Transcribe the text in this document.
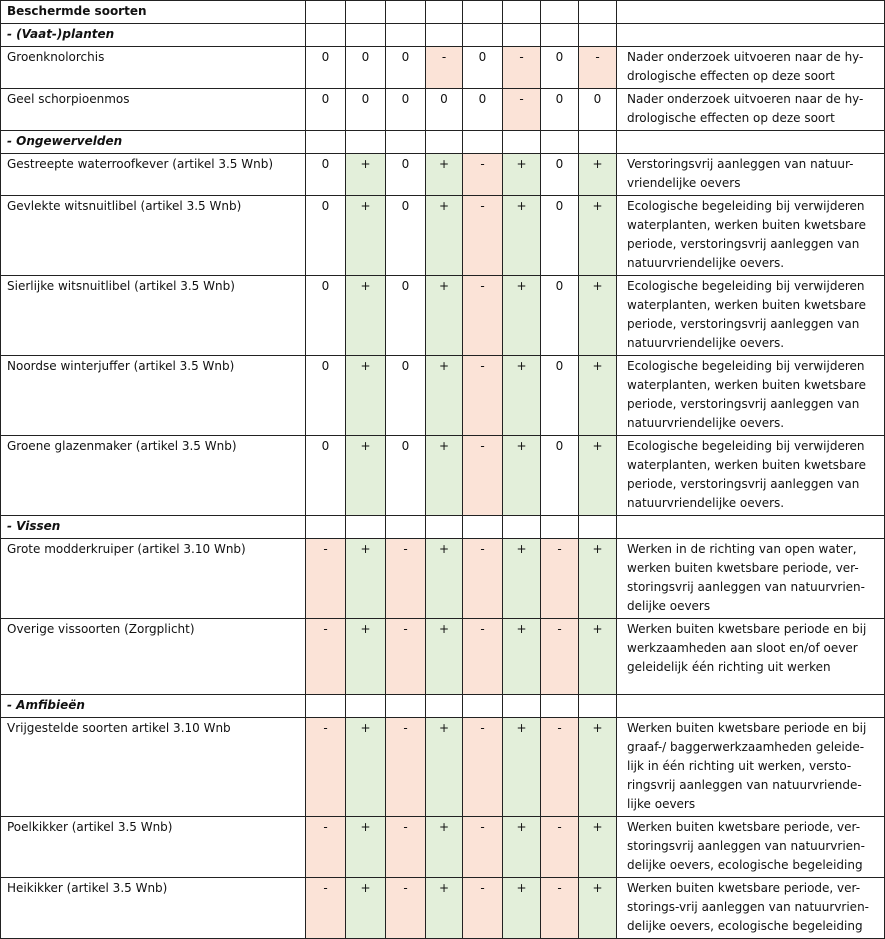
Beschermde soorten									
- (Vaat-)planten									
Groenknolorchis	0	0	0	-	0	-	0	-	Nader onderzoek uitvoeren naar de hy-
drologische effecten op deze soort
Geel schorpioenmos	0	0	0	0	0	-	0	0	Nader onderzoek uitvoeren naar de hy-
drologische effecten op deze soort
- Ongewervelden									
Gestreepte waterroofkever (artikel 3.5 Wnb)	0	+	0	+	-	+	0	+	Verstoringsvrij aanleggen van natuur-
vriendelijke oevers
Gevlekte witsnuitlibel (artikel 3.5 Wnb)	0	+	0	+	-	+	0	+	Ecologische begeleiding bij verwijderen
waterplanten, werken buiten kwetsbare
periode, verstoringsvrij aanleggen van
natuurvriendelijke oevers.
Sierlijke witsnuitlibel (artikel 3.5 Wnb)	0	+	0	+	-	+	0	+	Ecologische begeleiding bij verwijderen
waterplanten, werken buiten kwetsbare
periode, verstoringsvrij aanleggen van
natuurvriendelijke oevers.
Noordse winterjuffer (artikel 3.5 Wnb)	0	+	0	+	-	+	0	+	Ecologische begeleiding bij verwijderen
waterplanten, werken buiten kwetsbare
periode, verstoringsvrij aanleggen van
natuurvriendelijke oevers.
Groene glazenmaker (artikel 3.5 Wnb)	0	+	0	+	-	+	0	+	Ecologische begeleiding bij verwijderen
waterplanten, werken buiten kwetsbare
periode, verstoringsvrij aanleggen van
natuurvriendelijke oevers.
- Vissen									
Grote modderkruiper (artikel 3.10 Wnb)	-	+	-	+	-	+	-	+	Werken in de richting van open water,
werken buiten kwetsbare periode, ver-
storingsvrij aanleggen van natuurvrien-
delijke oevers
Overige vissoorten (Zorgplicht)	-	+	-	+	-	+	-	+	Werken buiten kwetsbare periode en bij
werkzaamheden aan sloot en/of oever
geleidelijk één richting uit werken
- Amfibieën									
Vrijgestelde soorten artikel 3.10 Wnb	-	+	-	+	-	+	-	+	Werken buiten kwetsbare periode en bij
graaf-/ baggerwerkzaamheden geleide-
lijk in één richting uit werken, versto-
ringsvrij aanleggen van natuurvriende-
lijke oevers
Poelkikker (artikel 3.5 Wnb)	-	+	-	+	-	+	-	+	Werken buiten kwetsbare periode, ver-
storingsvrij aanleggen van natuurvrien-
delijke oevers, ecologische begeleiding
Heikikker (artikel 3.5 Wnb)	-	+	-	+	-	+	-	+	Werken buiten kwetsbare periode, ver-
storings-vrij aanleggen van natuurvrien-
delijke oevers, ecologische begeleiding
